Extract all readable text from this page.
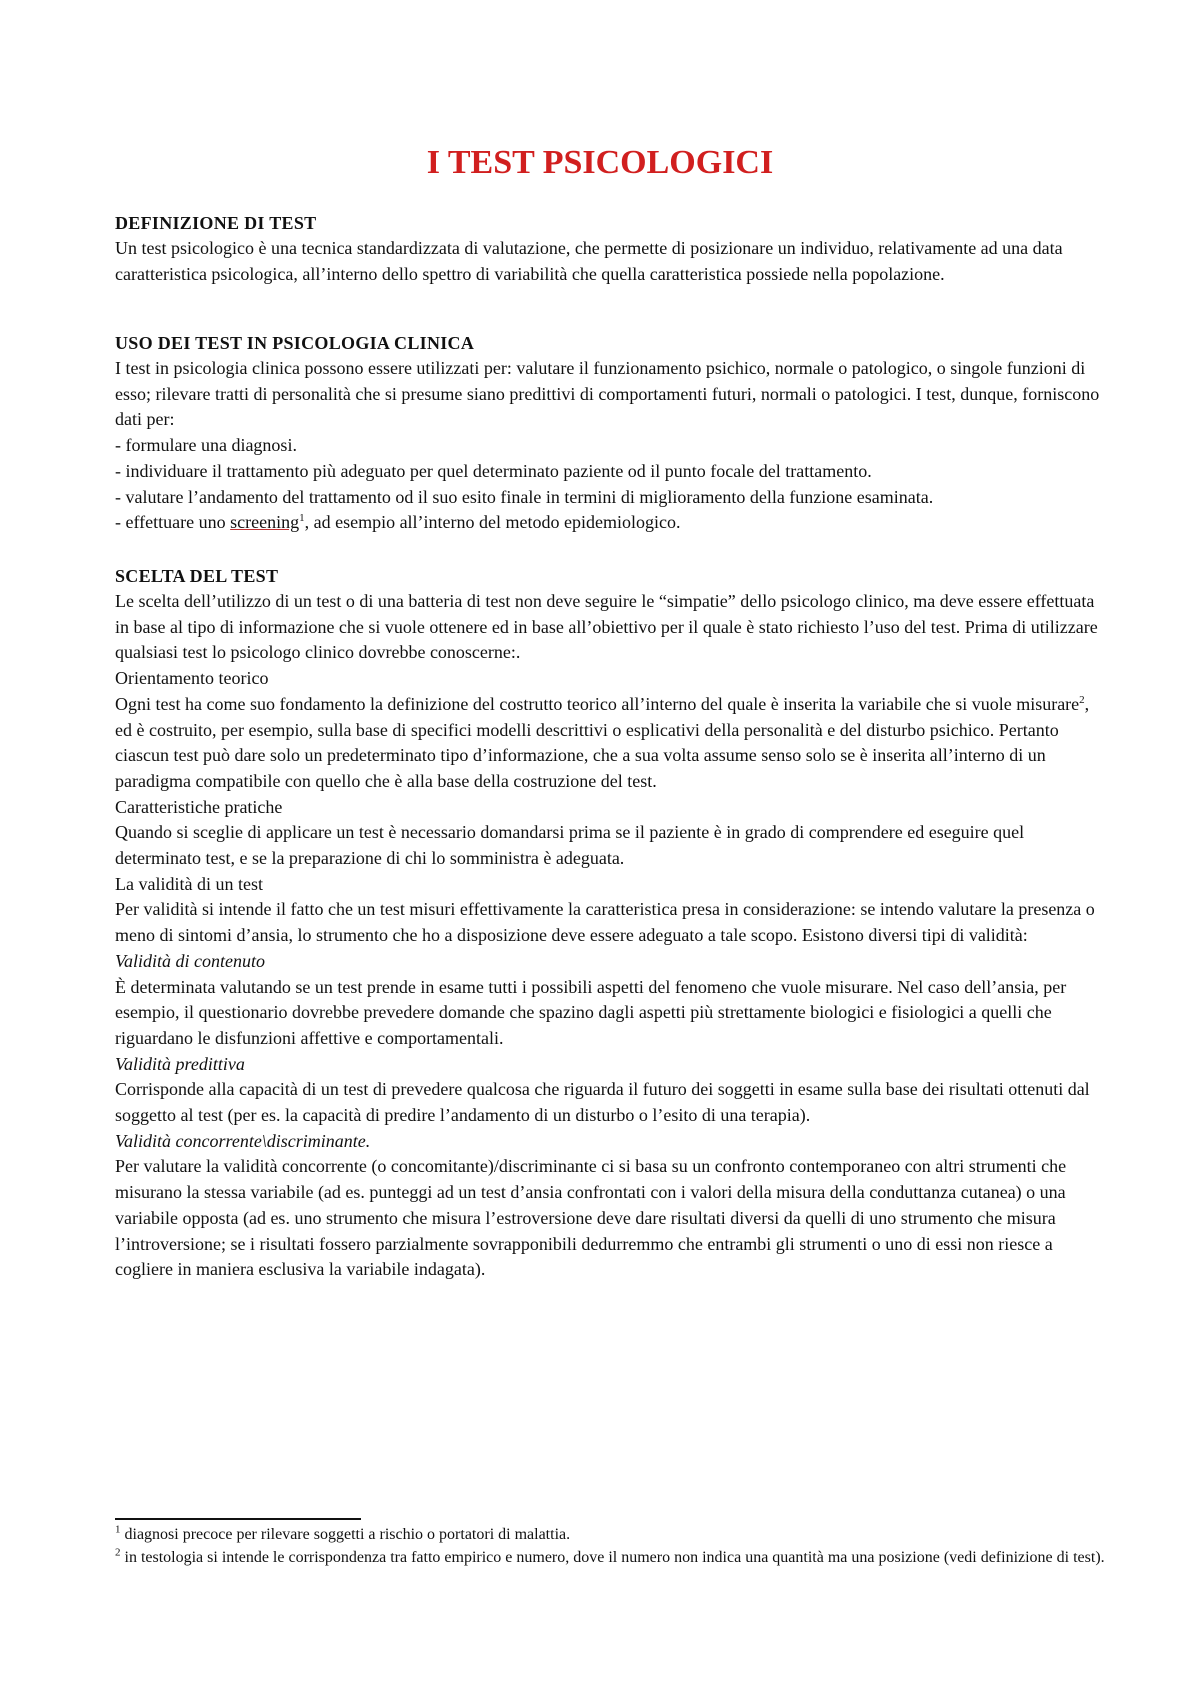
I TEST PSICOLOGICI

DEFINIZIONE DI TEST

Un test psicologico è una tecnica standardizzata di valutazione, che permette di posizionare un individuo, relativamente ad una data caratteristica psicologica, all’interno dello spettro di variabilità che quella caratteristica possiede nella popolazione.

USO DEI TEST IN PSICOLOGIA CLINICA

I test in psicologia clinica possono essere utilizzati per: valutare il funzionamento psichico, normale o patologico, o singole funzioni di esso; rilevare tratti di personalità che si presume siano predittivi di comportamenti futuri, normali o patologici. I test, dunque, forniscono dati per:

- formulare una diagnosi.

- individuare il trattamento più adeguato per quel determinato paziente od il punto focale del trattamento.

- valutare l’andamento del trattamento od il suo esito finale in termini di miglioramento della funzione esaminata.

- effettuare uno screening$^1$, ad esempio all’interno del metodo epidemiologico.

SCELTA DEL TEST

Le scelta dell’utilizzo di un test o di una batteria di test non deve seguire le “simpatie” dello psicologo clinico, ma deve essere effettuata in base al tipo di informazione che si vuole ottenere ed in base all’obiettivo per il quale è stato richiesto l’uso del test. Prima di utilizzare qualsiasi test lo psicologo clinico dovrebbe conoscerne:.

Orientamento teorico

Ogni test ha come suo fondamento la definizione del costrutto teorico all’interno del quale è inserita la variabile che si vuole misurare$^2$, ed è costruito, per esempio, sulla base di specifici modelli descrittivi o esplicativi della personalità e del disturbo psichico. Pertanto ciascun test può dare solo un predeterminato tipo d’informazione, che a sua volta assume senso solo se è inserita all’interno di un paradigma compatibile con quello che è alla base della costruzione del test.

Caratteristiche pratiche

Quando si sceglie di applicare un test è necessario domandarsi prima se il paziente è in grado di comprendere ed eseguire quel determinato test, e se la preparazione di chi lo somministra è adeguata.

La validità di un test

Per validità si intende il fatto che un test misuri effettivamente la caratteristica presa in considerazione: se intendo valutare la presenza o meno di sintomi d’ansia, lo strumento che ho a disposizione deve essere adeguato a tale scopo. Esistono diversi tipi di validità:

Validità di contenuto

È determinata valutando se un test prende in esame tutti i possibili aspetti del fenomeno che vuole misurare. Nel caso dell’ansia, per esempio, il questionario dovrebbe prevedere domande che spazino dagli aspetti più strettamente biologici e fisiologici a quelli che riguardano le disfunzioni affettive e comportamentali.

Validità predittiva

Corrisponde alla capacità di un test di prevedere qualcosa che riguarda il futuro dei soggetti in esame sulla base dei risultati ottenuti dal soggetto al test (per es. la capacità di predire l’andamento di un disturbo o l’esito di una terapia).

Validità concorrente\discriminante.

Per valutare la validità concorrente (o concomitante)/discriminante ci si basa su un confronto contemporaneo con altri strumenti che misurano la stessa variabile (ad es. punteggi ad un test d’ansia confrontati con i valori della misura della conduttanza cutanea) o una variabile opposta (ad es. uno strumento che misura l’estroversione deve dare risultati diversi da quelli di uno strumento che misura l’introversione; se i risultati fossero parzialmente sovrapponibili dedurremmo che entrambi gli strumenti o uno di essi non riesce a cogliere in maniera esclusiva la variabile indagata).

$^1$ diagnosi precoce per rilevare soggetti a rischio o portatori di malattia.

$^2$ in testologia si intende le corrispondenza tra fatto empirico e numero, dove il numero non indica una quantità ma una posizione (vedi definizione di test).
